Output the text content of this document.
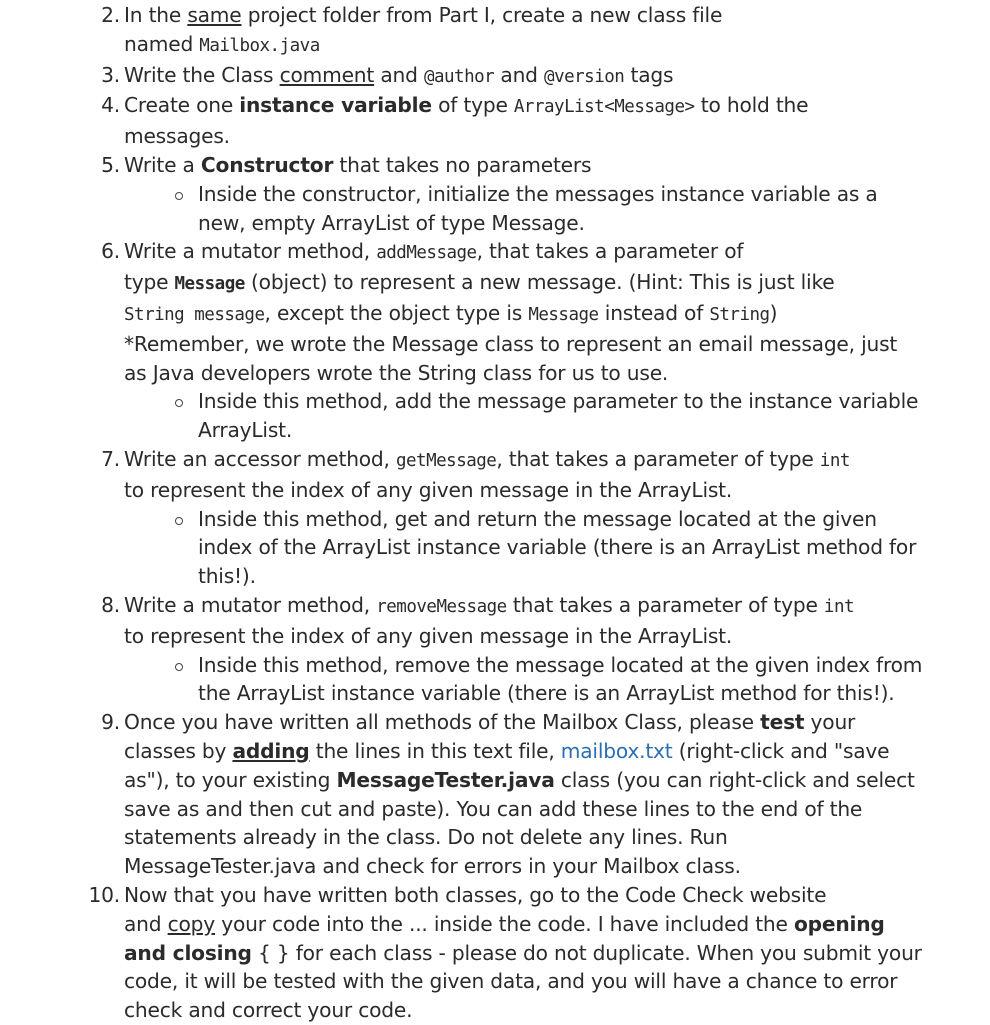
2. In the same project folder from Part I, create a new class file
named Mailbox.java
3. Write the Class comment and @author and @version tags
4. Create one instance variable of type ArrayList<Message> to hold the
messages.
5. Write a Constructor that takes no parameters
Inside the constructor, initialize the messages instance variable as a
new, empty ArrayList of type Message.
6. Write a mutator method, addMessage, that takes a parameter of
type Message (object) to represent a new message. (Hint: This is just like
String message, except the object type is Message instead of String)
*Remember, we wrote the Message class to represent an email message, just
as Java developers wrote the String class for us to use.
Inside this method, add the message parameter to the instance variable
ArrayList.
7. Write an accessor method, getMessage, that takes a parameter of type int
to represent the index of any given message in the ArrayList.
Inside this method, get and return the message located at the given
index of the ArrayList instance variable (there is an ArrayList method for
this!).
8. Write a mutator method, removeMessage that takes a parameter of type int
to represent the index of any given message in the ArrayList.
Inside this method, remove the message located at the given index from
the ArrayList instance variable (there is an ArrayList method for this!).
9. Once you have written all methods of the Mailbox Class, please test your
classes by adding the lines in this text file, mailbox.txt (right-click and "save
as"), to your existing MessageTester.java class (you can right-click and select
save as and then cut and paste). You can add these lines to the end of the
statements already in the class. Do not delete any lines. Run
MessageTester.java and check for errors in your Mailbox class.
10. Now that you have written both classes, go to the Code Check website
and copy your code into the ... inside the code. I have included the opening
and closing { } for each class - please do not duplicate. When you submit your
code, it will be tested with the given data, and you will have a chance to error
check and correct your code.
